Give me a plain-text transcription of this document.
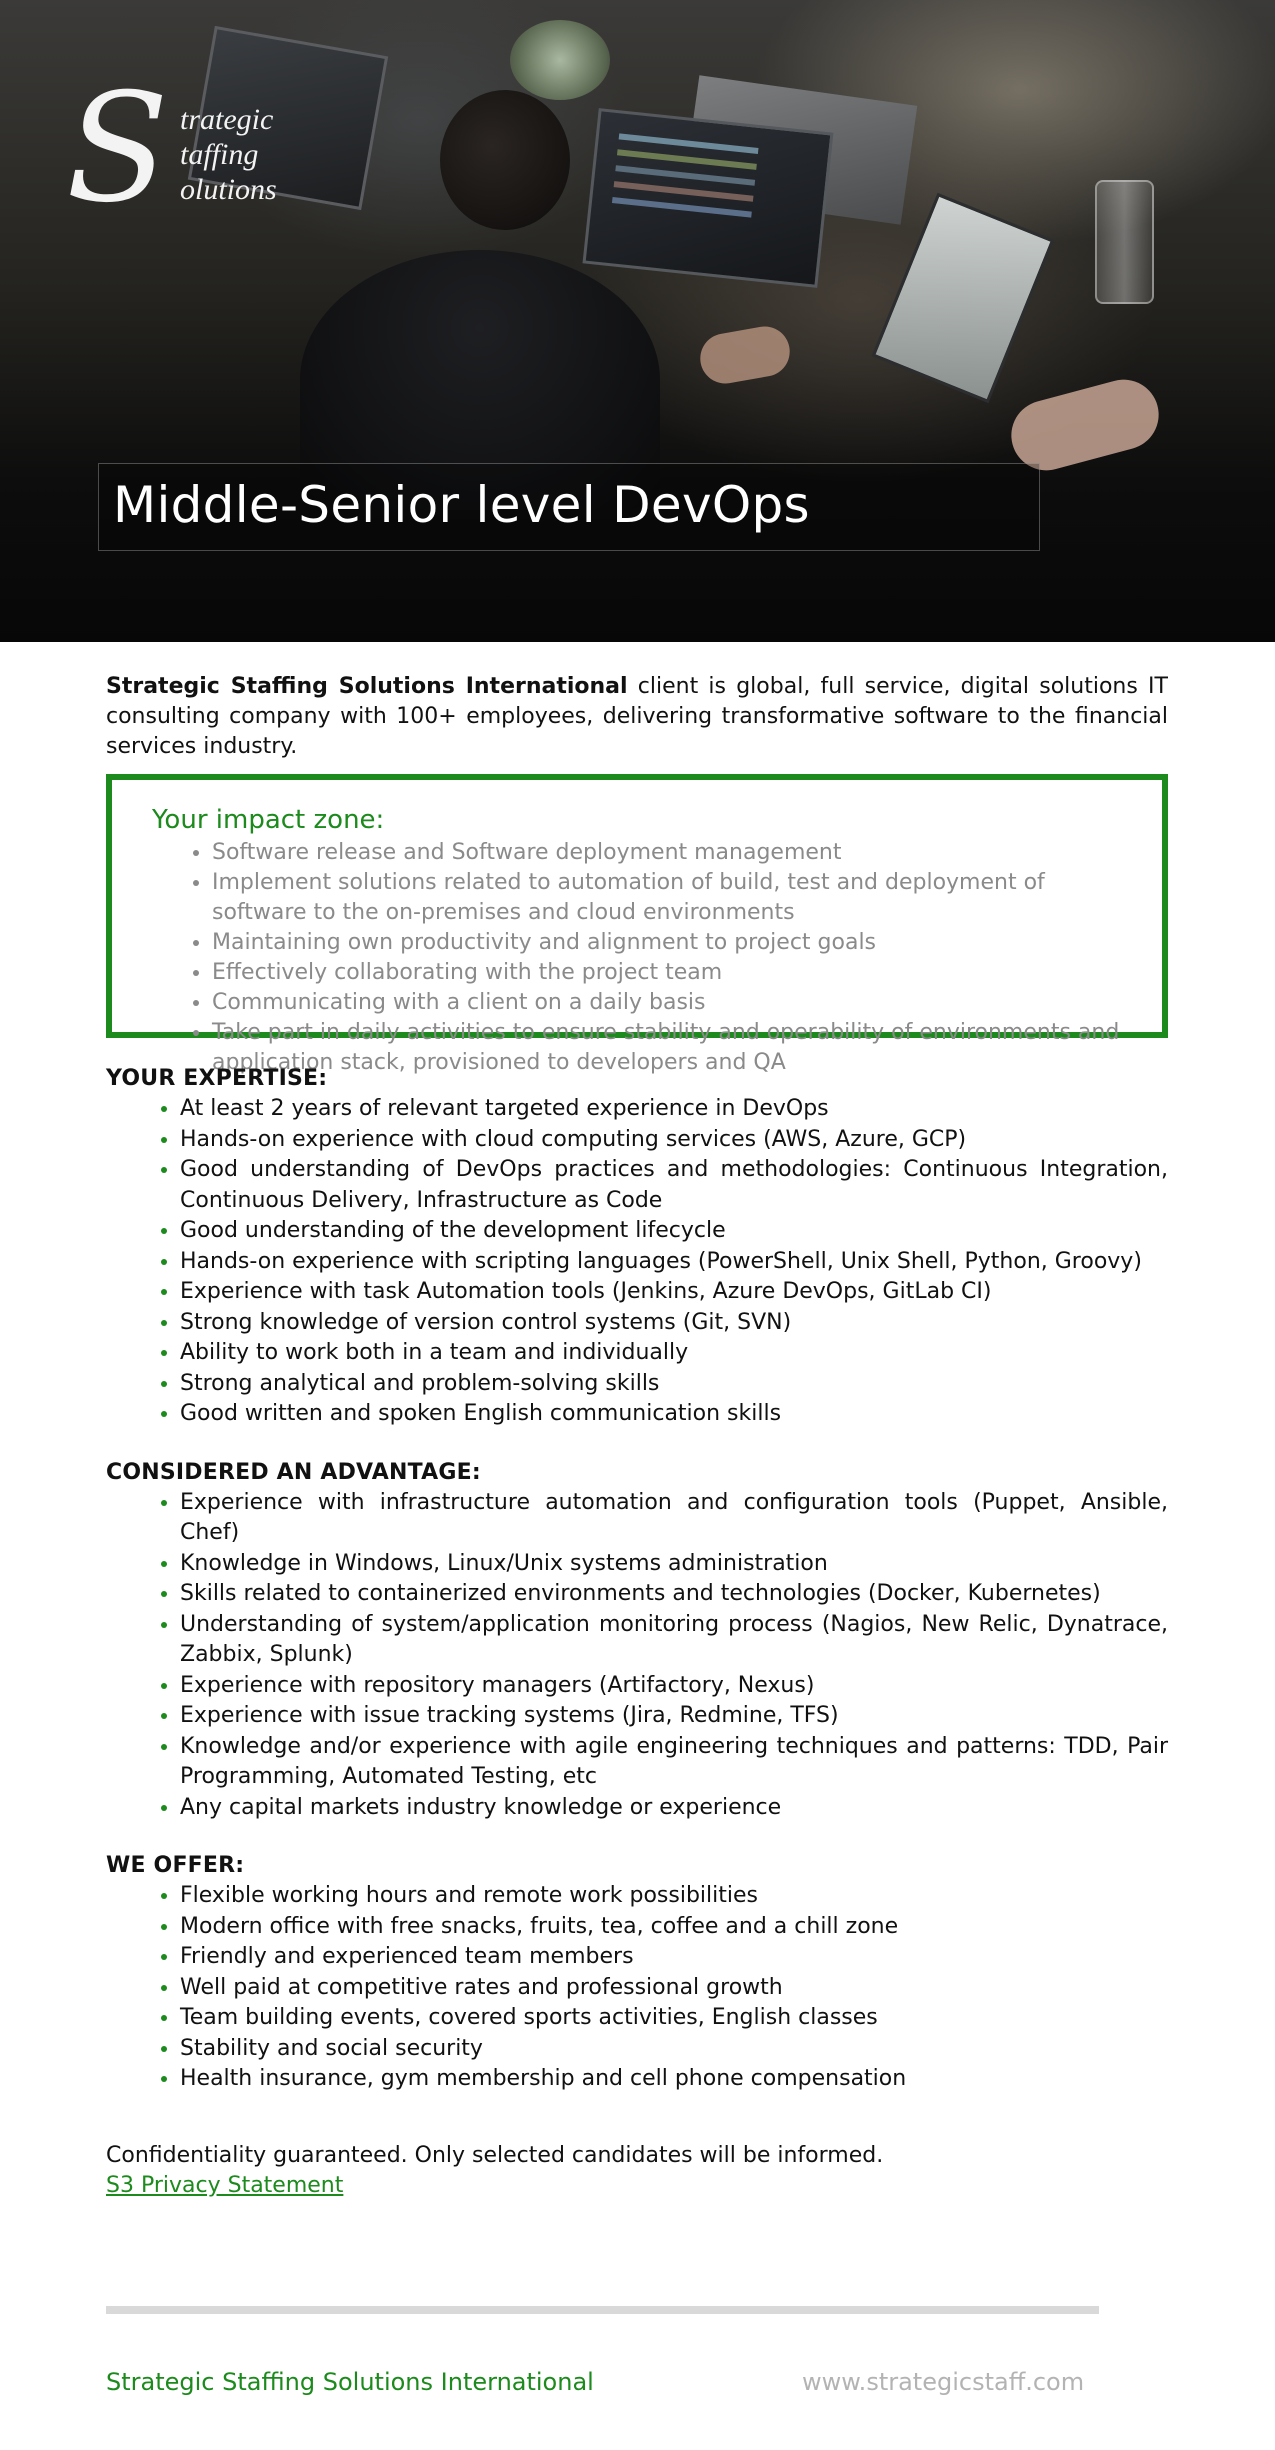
S trategic
taffing
olutions
Middle-Senior level DevOps

Strategic Staffing Solutions International client is global, full service, digital solutions IT consulting company with 100+ employees, delivering transformative software to the financial services industry.

Your impact zone:
• Software release and Software deployment management
• Implement solutions related to automation of build, test and deployment of software to the on-premises and cloud environments
• Maintaining own productivity and alignment to project goals
• Effectively collaborating with the project team
• Communicating with a client on a daily basis
• Take part in daily activities to ensure stability and operability of environments and application stack, provisioned to developers and QA
YOUR EXPERTISE:
• At least 2 years of relevant targeted experience in DevOps
• Hands-on experience with cloud computing services (AWS, Azure, GCP)
• Good understanding of DevOps practices and methodologies: Continuous Integration, Continuous Delivery, Infrastructure as Code
• Good understanding of the development lifecycle
• Hands-on experience with scripting languages (PowerShell, Unix Shell, Python, Groovy)
• Experience with task Automation tools (Jenkins, Azure DevOps, GitLab CI)
• Strong knowledge of version control systems (Git, SVN)
• Ability to work both in a team and individually
• Strong analytical and problem-solving skills
• Good written and spoken English communication skills
CONSIDERED AN ADVANTAGE:
• Experience with infrastructure automation and configuration tools (Puppet, Ansible, Chef)
• Knowledge in Windows, Linux/Unix systems administration
• Skills related to containerized environments and technologies (Docker, Kubernetes)
• Understanding of system/application monitoring process (Nagios, New Relic, Dynatrace, Zabbix, Splunk)
• Experience with repository managers (Artifactory, Nexus)
• Experience with issue tracking systems (Jira, Redmine, TFS)
• Knowledge and/or experience with agile engineering techniques and patterns: TDD, Pair Programming, Automated Testing, etc
• Any capital markets industry knowledge or experience
WE OFFER:
• Flexible working hours and remote work possibilities
• Modern office with free snacks, fruits, tea, coffee and a chill zone
• Friendly and experienced team members
• Well paid at competitive rates and professional growth
• Team building events, covered sports activities, English classes
• Stability and social security
• Health insurance, gym membership and cell phone compensation
Confidentiality guaranteed. Only selected candidates will be informed.
S3 Privacy Statement
Strategic Staffing Solutions International	www.strategicstaff.com
